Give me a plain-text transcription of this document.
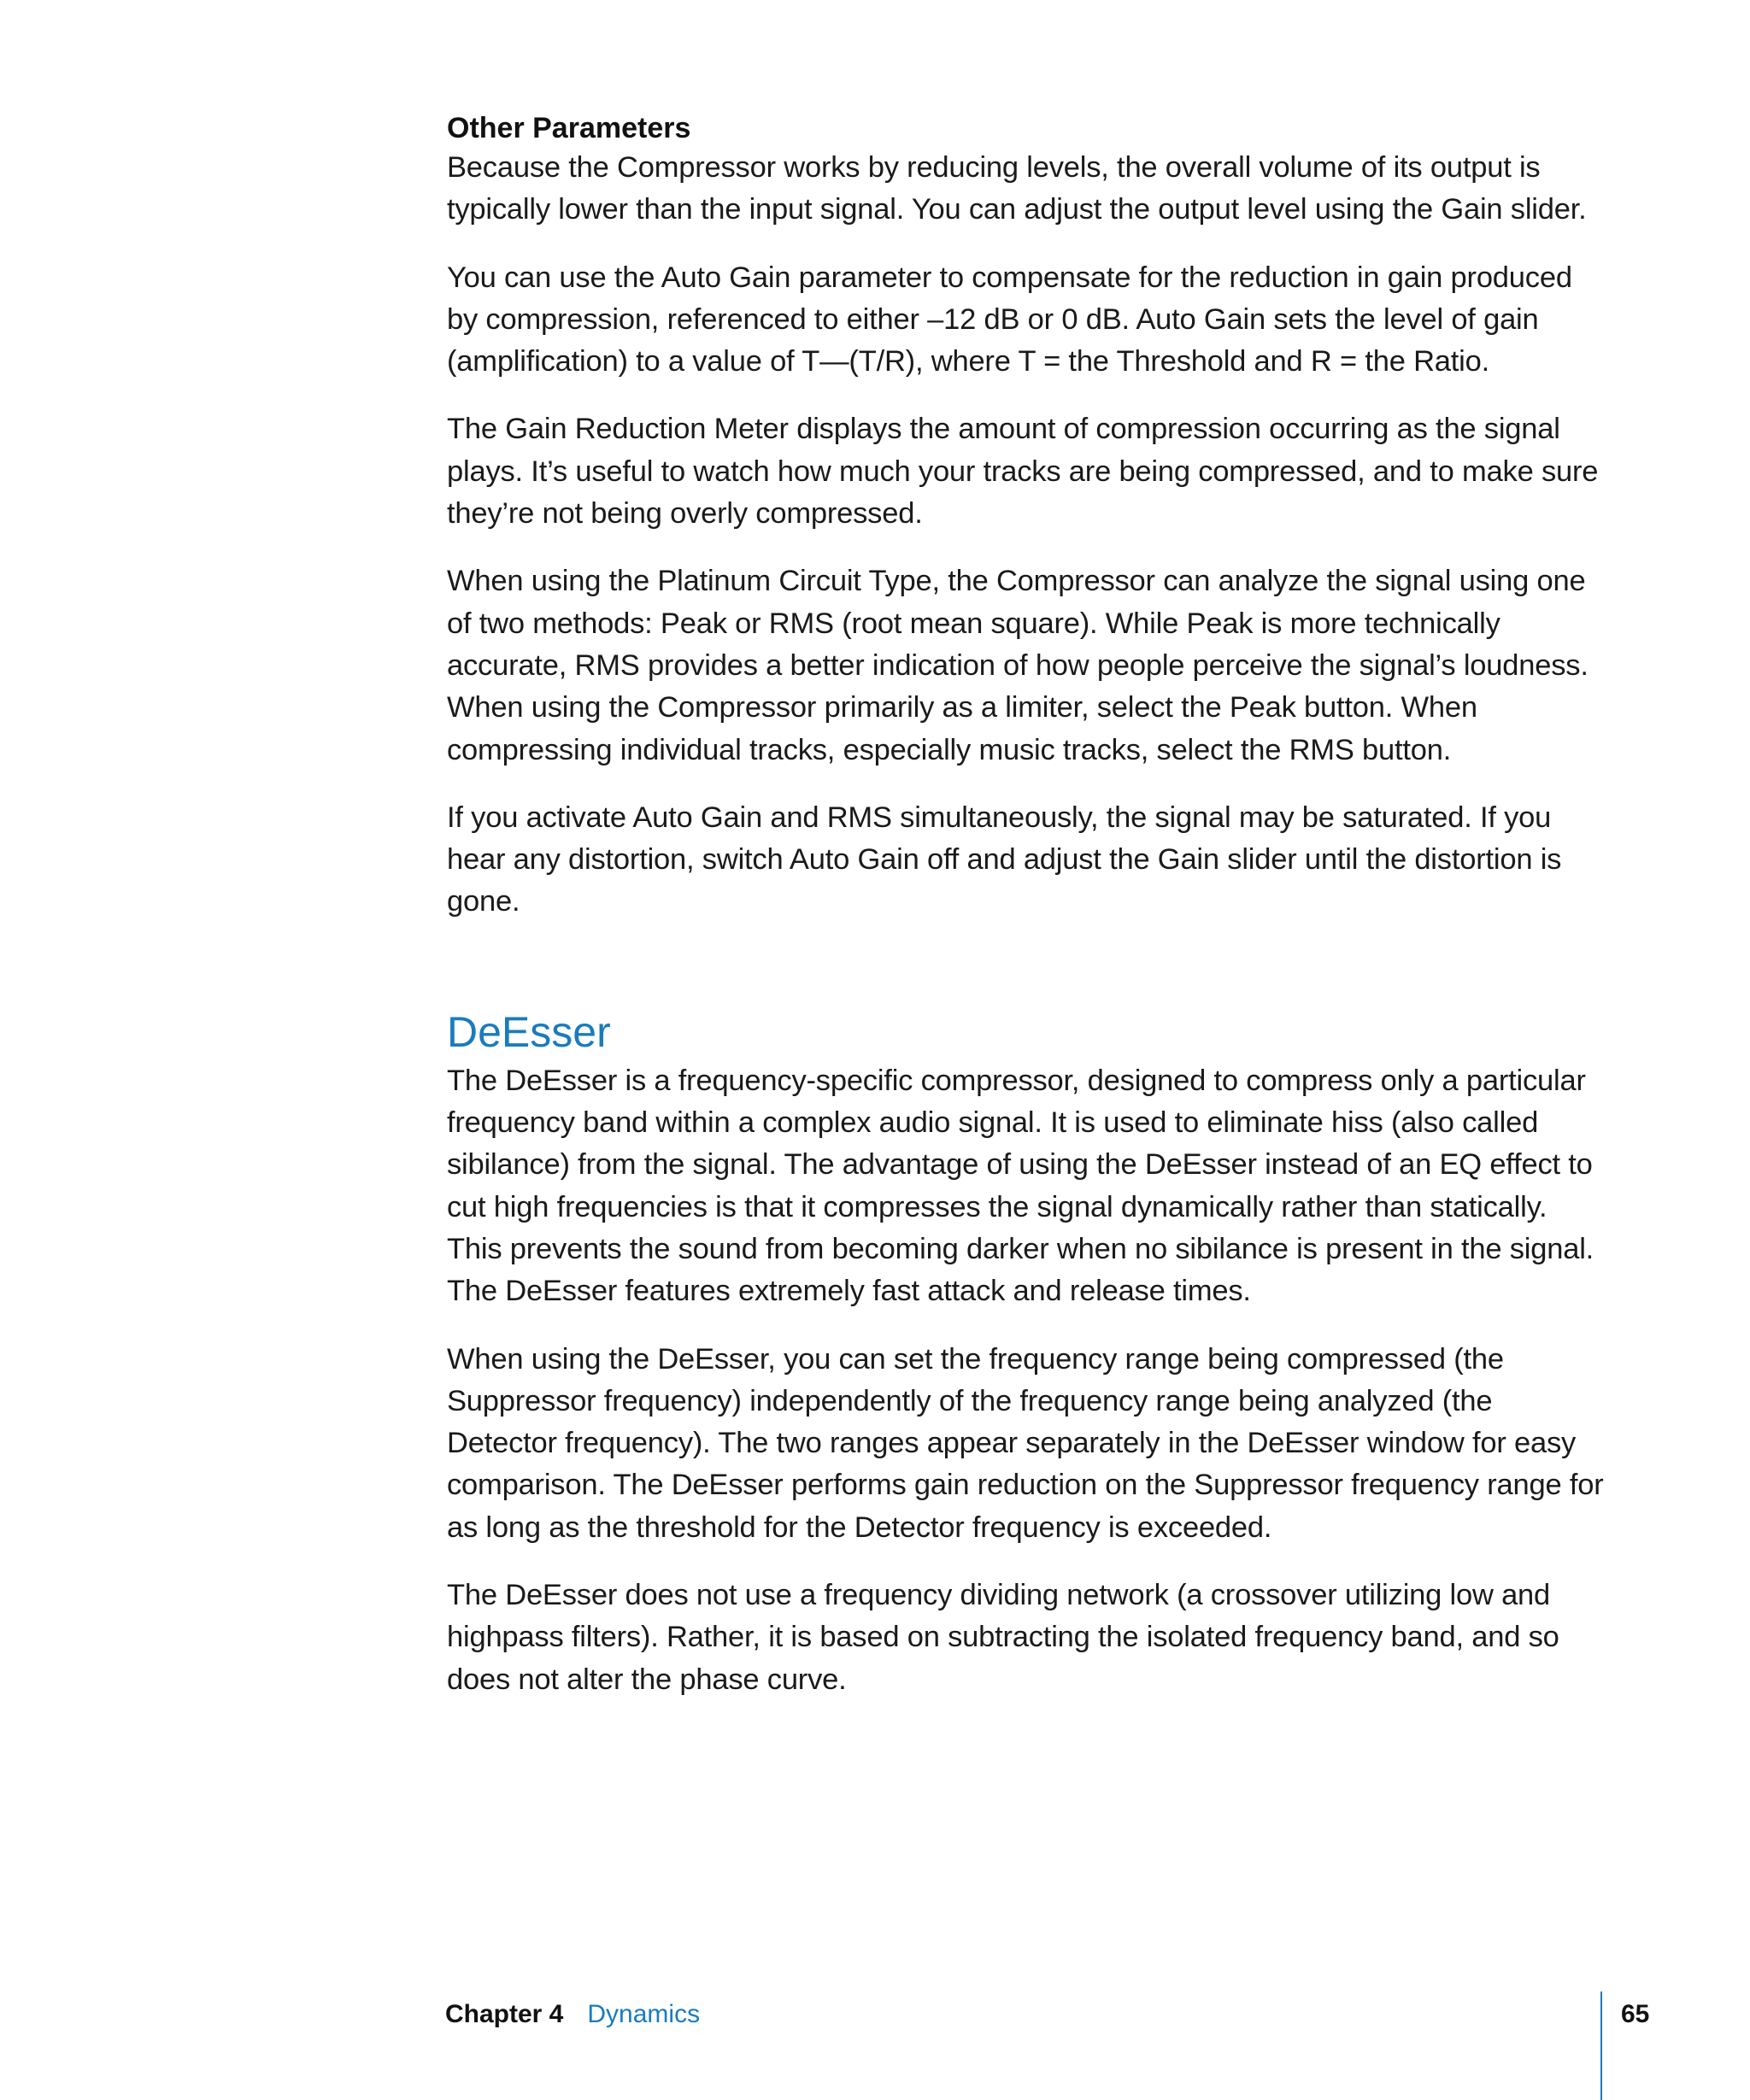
Other Parameters

Because the Compressor works by reducing levels, the overall volume of its output is typically lower than the input signal. You can adjust the output level using the Gain slider.

You can use the Auto Gain parameter to compensate for the reduction in gain produced by compression, referenced to either –12 dB or 0 dB. Auto Gain sets the level of gain (amplification) to a value of T—(T/R), where T = the Threshold and R = the Ratio.

The Gain Reduction Meter displays the amount of compression occurring as the signal plays. It’s useful to watch how much your tracks are being compressed, and to make sure they’re not being overly compressed.

When using the Platinum Circuit Type, the Compressor can analyze the signal using one of two methods: Peak or RMS (root mean square). While Peak is more technically accurate, RMS provides a better indication of how people perceive the signal’s loudness. When using the Compressor primarily as a limiter, select the Peak button. When compressing individual tracks, especially music tracks, select the RMS button.

If you activate Auto Gain and RMS simultaneously, the signal may be saturated. If you hear any distortion, switch Auto Gain off and adjust the Gain slider until the distortion is gone.

DeEsser

The DeEsser is a frequency-specific compressor, designed to compress only a particular frequency band within a complex audio signal. It is used to eliminate hiss (also called sibilance) from the signal. The advantage of using the DeEsser instead of an EQ effect to cut high frequencies is that it compresses the signal dynamically rather than statically. This prevents the sound from becoming darker when no sibilance is present in the signal. The DeEsser features extremely fast attack and release times.

When using the DeEsser, you can set the frequency range being compressed (the Suppressor frequency) independently of the frequency range being analyzed (the Detector frequency). The two ranges appear separately in the DeEsser window for easy comparison. The DeEsser performs gain reduction on the Suppressor frequency range for as long as the threshold for the Detector frequency is exceeded.

The DeEsser does not use a frequency dividing network (a crossover utilizing low and highpass filters). Rather, it is based on subtracting the isolated frequency band, and so does not alter the phase curve.

Chapter 4 Dynamics	65
